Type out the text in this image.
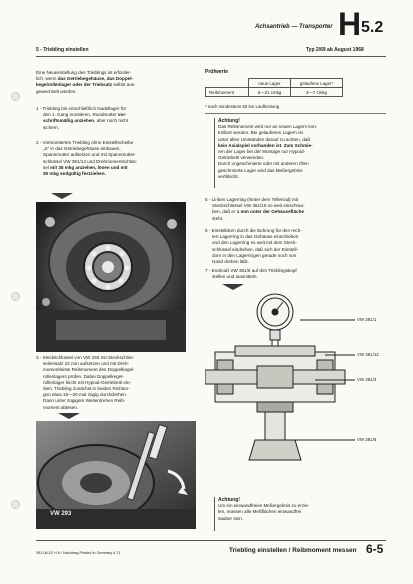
Achsantrieb — Transporter H 5.2
5 - Triebling einstellen	Typ 2/69 ab August 1968
Eine Neueinstellung des Trieblings ist erforder-
lich, wenn das Getriebegehäuse, das Doppel-
kegelrollenlager oder der Triebsatz selbst aus-
gewechselt werden.
1 - Triebling bis einschließlich Nadellager für
den 1. Gang montieren, Rundmutter vor-
schriftsmäßig anziehen, aber noch nicht
sichern.
2 - Vormontierten Triebling ohne Einstellscheibe
„S“ in das Getriebegehäuse einbauen,
Spannmutter aufsetzen und mit Spannmutter-
schlüssel VW 381/14 und Drehmomentschlüs-
sel mit 35 mkg anziehen, lösen und mit
35 mkg endgültig festziehen.
3 - Steckschlüssel von VW 293 mit Steckschlüs-
seleinsatz 22 mm aufsetzen und mit Dreh-
momentleiste Reibmoment des Doppelkegel-
rollenlagers prüfen. Dabei Doppelkegel-
rollenlager leicht mit Hypoid-Getriebeöl ein-
ölen. Triebling zunächst in beiden Richtun-
gen etwa 15—20 mal zügig durchdrehen.
Dann unter zügigem Weiterdrehen Reib-
moment ablesen.
VW 293
Prüfwerte
	neue Lager	gelaufene Lager*
Reibmoment	6—21 cmkg	3—7 cmkg
* nach mindestens 50 km Laufleistung
Achtung!
Das Reibmoment wird nur an neuen Lagern kon-
trolliert werden. Bei gelaufenen Lagern ist
unter allen Umständen darauf zu achten, daß
kein Axialspiel vorhanden ist. Zum Schmie-
ren der Lager bei der Montage nur Hypoid-
Getriebeöl verwenden.
Durch ungeschmierte oder mit anderen Ölen
geschmierte Lager wird das Meßergebnis
verfälscht.
5 - Linken Lagerring (hinter dem Tellerrad) mit
Steckschlüssel VW 381/15 so weit einschrau-
ben, daß er 1 mm unter der Gehäusefläche
steht.
6 - Einstelldorn durch die Bohrung für den rech-
ten Lagerring in das Gehäuse einschieben
und den Lagerring so weit mit dem Steck-
schlüssel eindrehen, daß sich der Einstell-
dorn in den Lagerringen gerade noch von
Hand drehen läßt.
7 - Endmaß VW 381/6 auf den Trieblingskopf
stellen und ausmitteln.
VW 381/1
VW 381/12
VW 381/3
VW 381/6
Achtung!
Um ein einwandfreies Meßergebnis zu erzie-
len, müssen alle Meßflächen einwandfrei
sauber sein.
391.06.02 H 6 / Nachtrag Printed in Germany 6.71	Triebling einstellen / Reibmoment messen 6-5
